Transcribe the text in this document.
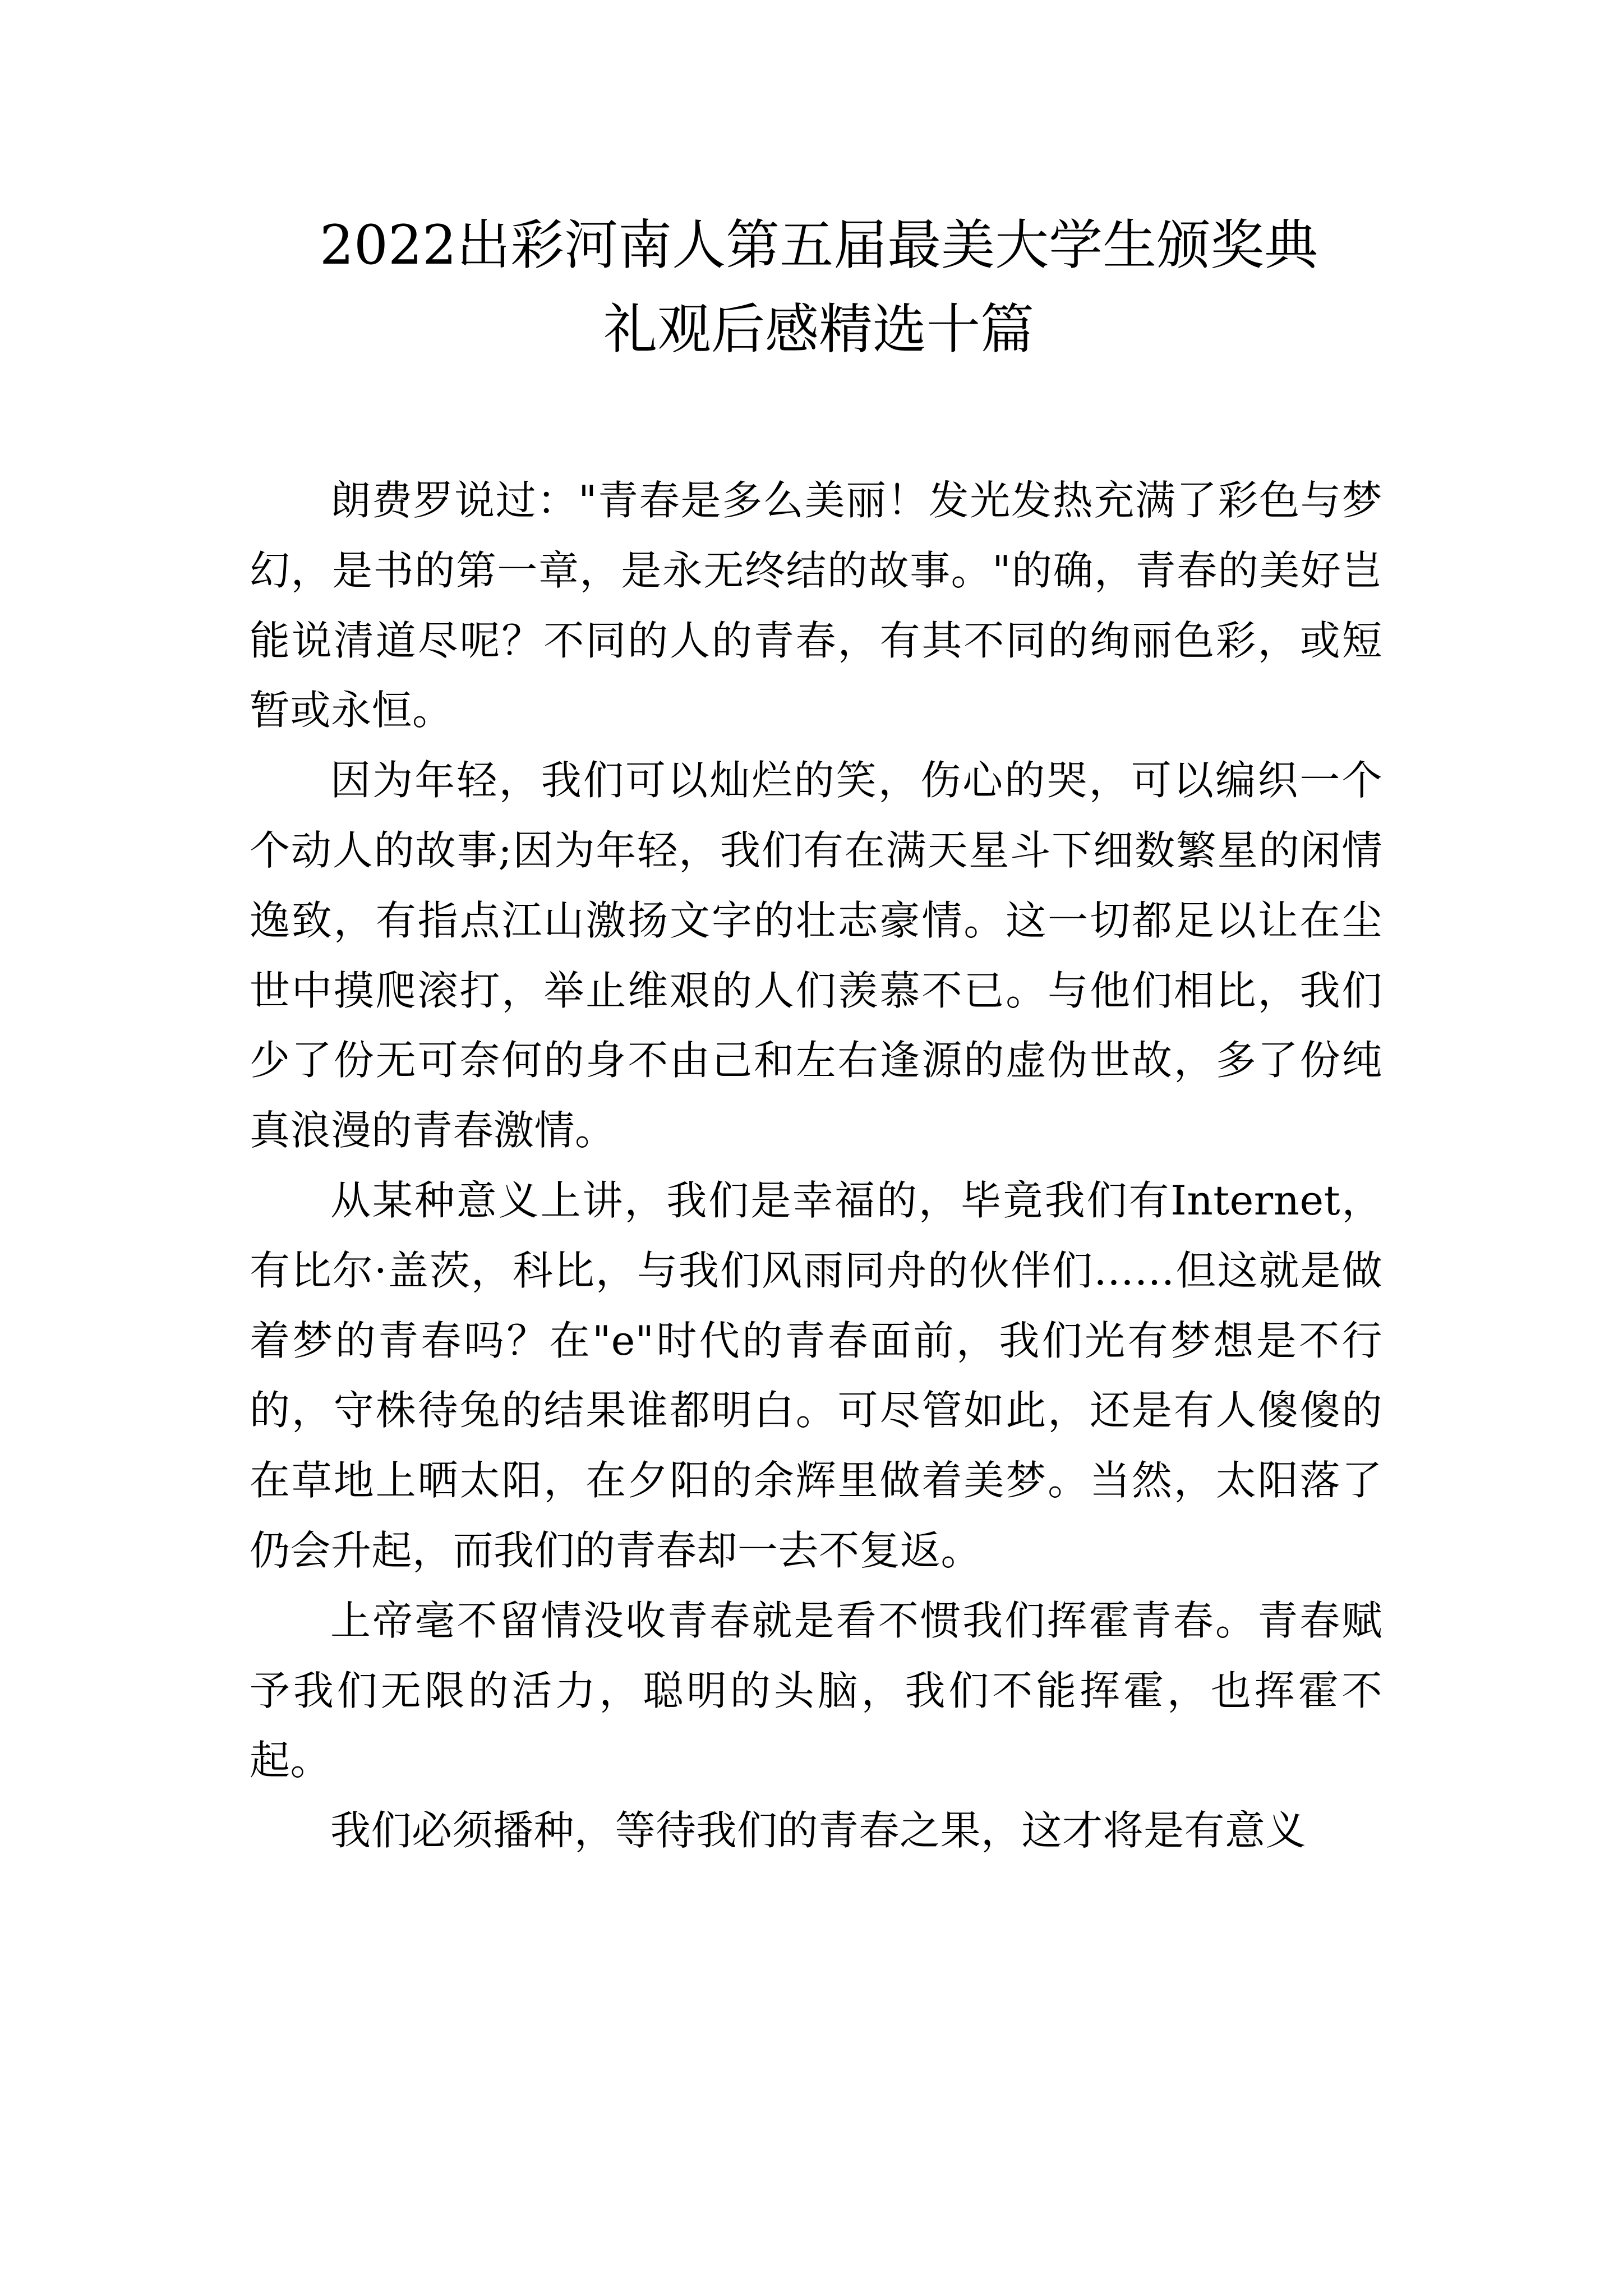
2022出彩河南人第五届最美大学生颁奖典
礼观后感精选十篇

朗费罗说过："青春是多么美丽！发光发热充满了彩色与梦幻，是书的第一章，是永无终结的故事。"的确，青春的美好岂能说清道尽呢？不同的人的青春，有其不同的绚丽色彩，或短暂或永恒。

因为年轻，我们可以灿烂的笑，伤心的哭，可以编织一个个动人的故事;因为年轻，我们有在满天星斗下细数繁星的闲情逸致，有指点江山激扬文字的壮志豪情。这一切都足以让在尘世中摸爬滚打，举止维艰的人们羡慕不已。与他们相比，我们少了份无可奈何的身不由己和左右逢源的虚伪世故，多了份纯真浪漫的青春激情。

从某种意义上讲，我们是幸福的，毕竟我们有Internet，有比尔·盖茨，科比，与我们风雨同舟的伙伴们……但这就是做着梦的青春吗？在"e"时代的青春面前，我们光有梦想是不行的，守株待兔的结果谁都明白。可尽管如此，还是有人傻傻的在草地上晒太阳，在夕阳的余辉里做着美梦。当然，太阳落了仍会升起，而我们的青春却一去不复返。

上帝毫不留情没收青春就是看不惯我们挥霍青春。青春赋予我们无限的活力，聪明的头脑，我们不能挥霍，也挥霍不起。

我们必须播种，等待我们的青春之果，这才将是有意义
